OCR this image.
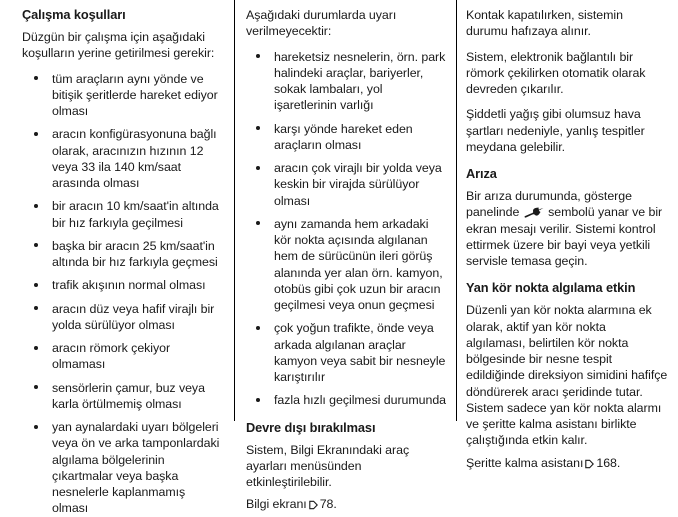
Çalışma koşulları

Düzgün bir çalışma için aşağıdaki koşulların yerine getirilmesi gerekir:

tüm araçların aynı yönde ve bitişik şeritlerde hareket ediyor olması
aracın konfigürasyonuna bağlı olarak, aracınızın hızının 12 veya 33 ila 140 km/saat arasında olması
bir aracın 10 km/saat'in altında bir hız farkıyla geçilmesi
başka bir aracın 25 km/saat'in altında bir hız farkıyla geçmesi
trafik akışının normal olması
aracın düz veya hafif virajlı bir yolda sürülüyor olması
aracın römork çekiyor olmaması
sensörlerin çamur, buz veya karla örtülmemiş olması
yan aynalardaki uyarı bölgeleri veya ön ve arka tamponlardaki algılama bölgelerinin çıkartmalar veya başka nesnelerle kaplanmamış olması

Aşağıdaki durumlarda uyarı verilmeyecektir:

hareketsiz nesnelerin, örn. park halindeki araçlar, bariyerler, sokak lambaları, yol işaretlerinin varlığı
karşı yönde hareket eden araçların olması
aracın çok virajlı bir yolda veya keskin bir virajda sürülüyor olması
aynı zamanda hem arkadaki kör nokta açısında algılanan hem de sürücünün ileri görüş alanında yer alan örn. kamyon, otobüs gibi çok uzun bir aracın geçilmesi veya onun geçmesi
çok yoğun trafikte, önde veya arkada algılanan araçlar kamyon veya sabit bir nesneyle karıştırılır
fazla hızlı geçilmesi durumunda
Devre dışı bırakılması

Sistem, Bilgi Ekranındaki araç ayarları menüsünden etkinleştirilebilir.

Bilgi ekranı 78.

Kontak kapatılırken, sistemin durumu hafızaya alınır.

Sistem, elektronik bağlantılı bir römork çekilirken otomatik olarak devreden çıkarılır.

Şiddetli yağış gibi olumsuz hava şartları nedeniyle, yanlış tespitler meydana gelebilir.

Arıza

Bir arıza durumunda, gösterge panelinde sembolü yanar ve bir ekran mesajı verilir. Sistemi kontrol ettirmek üzere bir bayi veya yetkili servisle temasa geçin.

Yan kör nokta algılama etkin

Düzenli yan kör nokta alarmına ek olarak, aktif yan kör nokta algılaması, belirtilen kör nokta bölgesinde bir nesne tespit edildiğinde direksiyon simidini hafifçe döndürerek aracı şeridinde tutar. Sistem sadece yan kör nokta alarmı ve şeritte kalma asistanı birlikte çalıştığında etkin kalır.

Şeritte kalma asistanı 168.
